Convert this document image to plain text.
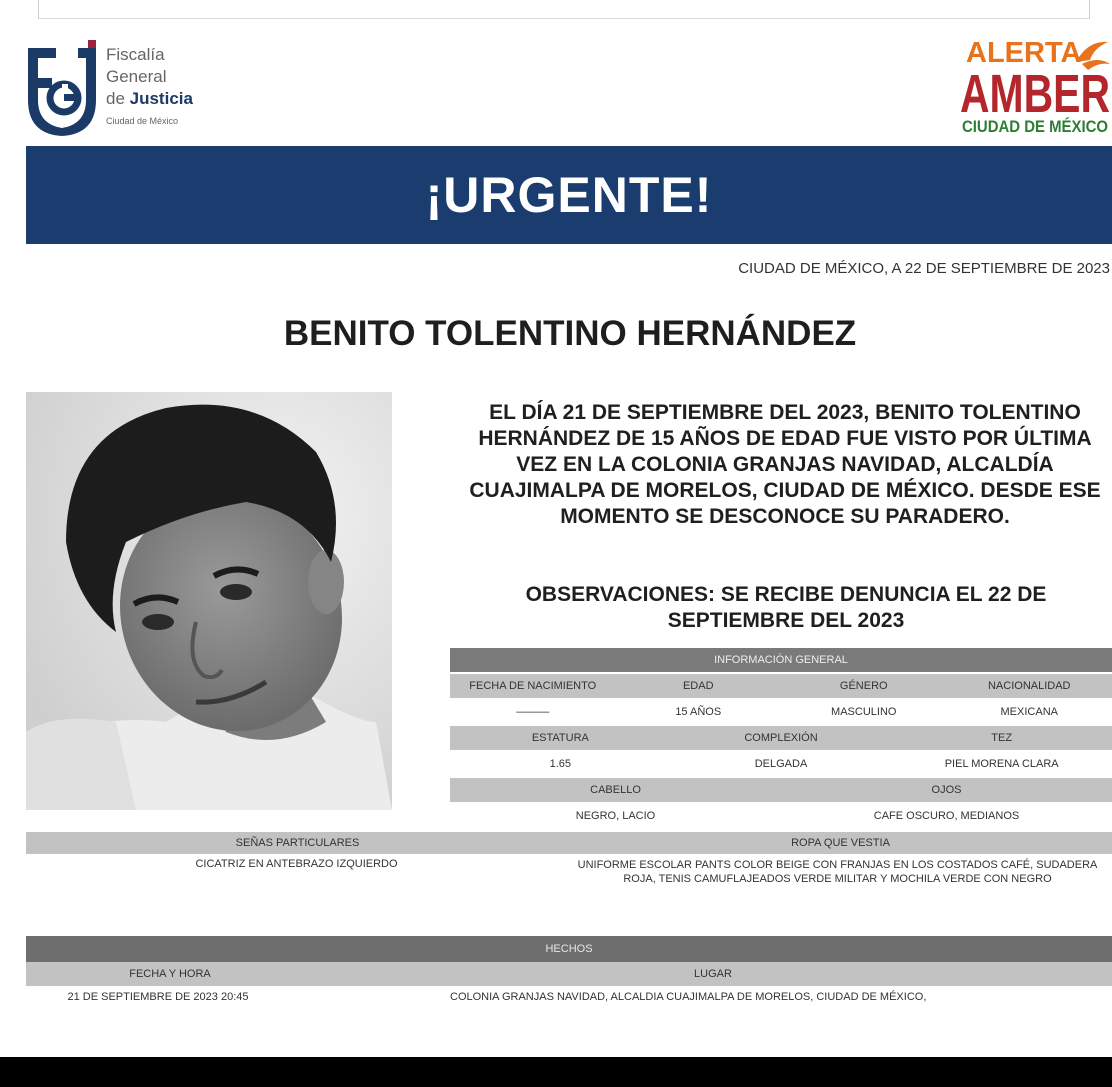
Fiscalía
General
de Justicia
Ciudad de México
ALERTA
AMBER
CIUDAD DE MÉXICO
¡URGENTE!
CIUDAD DE MÉXICO, A 22 DE SEPTIEMBRE DE 2023
BENITO TOLENTINO HERNÁNDEZ
EL DÍA 21 DE SEPTIEMBRE DEL 2023, BENITO TOLENTINO HERNÁNDEZ DE 15 AÑOS DE EDAD FUE VISTO POR ÚLTIMA VEZ EN LA COLONIA GRANJAS NAVIDAD, ALCALDÍA CUAJIMALPA DE MORELOS, CIUDAD DE MÉXICO. DESDE ESE MOMENTO SE DESCONOCE SU PARADERO.
OBSERVACIONES: SE RECIBE DENUNCIA EL 22 DE SEPTIEMBRE DEL 2023
INFORMACIÓN GENERAL
FECHA DE NACIMIENTO	EDAD	GÉNERO	NACIONALIDAD
———	15 AÑOS	MASCULINO	MEXICANA
ESTATURA	COMPLEXIÓN	TEZ
1.65	DELGADA	PIEL MORENA CLARA
CABELLO	OJOS
NEGRO, LACIO	CAFE OSCURO, MEDIANOS
SEÑAS PARTICULARES	ROPA QUE VESTIA
CICATRIZ EN ANTEBRAZO IZQUIERDO	UNIFORME ESCOLAR PANTS COLOR BEIGE CON FRANJAS EN LOS COSTADOS CAFÉ, SUDADERA ROJA, TENIS CAMUFLAJEADOS VERDE MILITAR Y MOCHILA VERDE CON NEGRO
HECHOS
FECHA Y HORA	LUGAR
21 DE SEPTIEMBRE DE 2023 20:45	COLONIA GRANJAS NAVIDAD, ALCALDIA CUAJIMALPA DE MORELOS, CIUDAD DE MÉXICO,
